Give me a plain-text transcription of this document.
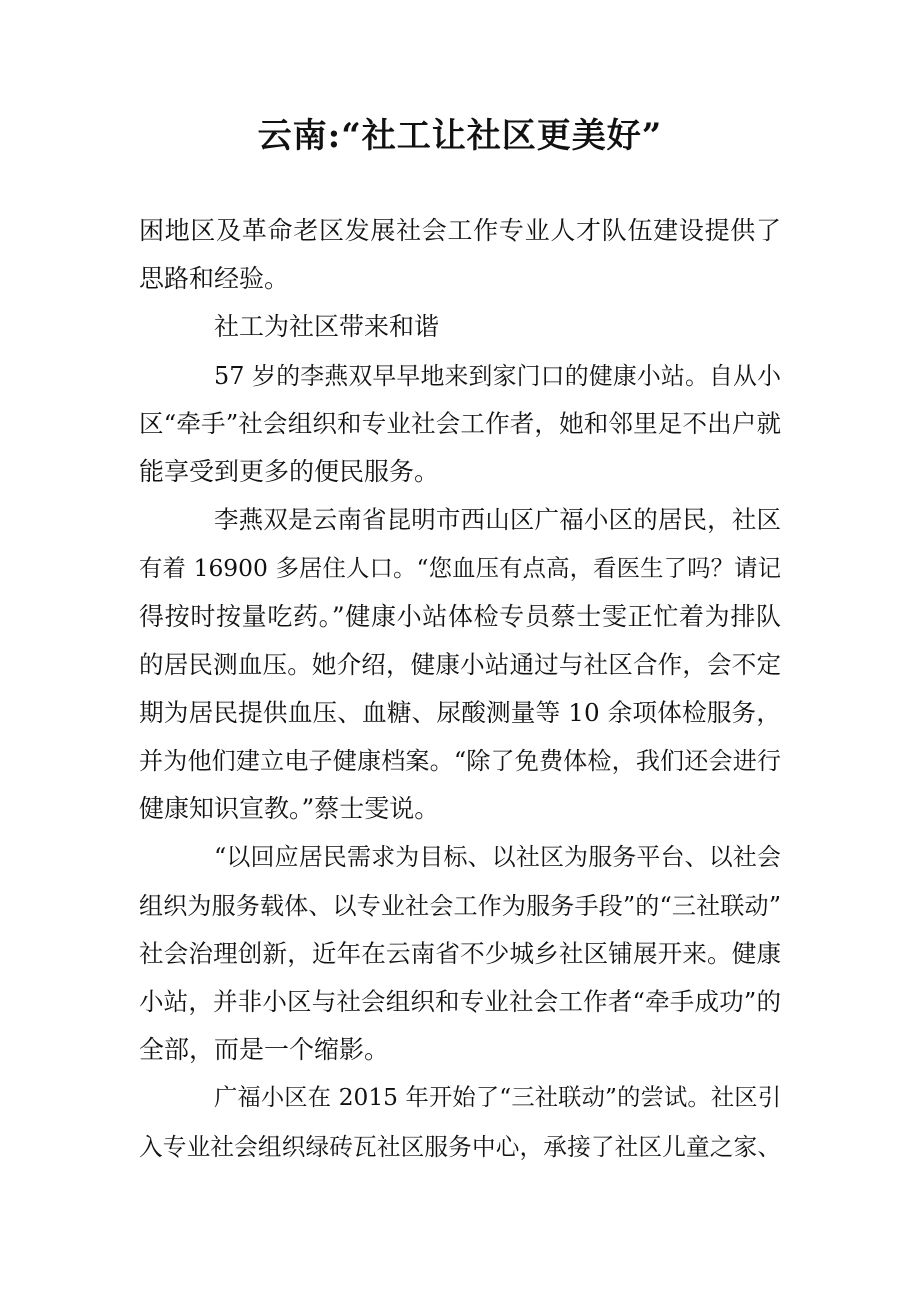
云南:“社工让社区更美好”
困地区及革命老区发展社会工作专业人才队伍建设提供了
思路和经验。
社工为社区带来和谐
57 岁的李燕双早早地来到家门口的健康小站。自从小
区“牵手”社会组织和专业社会工作者，她和邻里足不出户就
能享受到更多的便民服务。
李燕双是云南省昆明市西山区广福小区的居民，社区
有着 16900 多居住人口。“您血压有点高，看医生了吗？请记
得按时按量吃药。”健康小站体检专员蔡士雯正忙着为排队
的居民测血压。她介绍，健康小站通过与社区合作，会不定
期为居民提供血压、血糖、尿酸测量等 10 余项体检服务，
并为他们建立电子健康档案。“除了免费体检，我们还会进行
健康知识宣教。”蔡士雯说。
“以回应居民需求为目标、以社区为服务平台、以社会
组织为服务载体、以专业社会工作为服务手段”的“三社联动”
社会治理创新，近年在云南省不少城乡社区铺展开来。健康
小站，并非小区与社会组织和专业社会工作者“牵手成功”的
全部，而是一个缩影。
广福小区在 2015 年开始了“三社联动”的尝试。社区引
入专业社会组织绿砖瓦社区服务中心，承接了社区儿童之家、
